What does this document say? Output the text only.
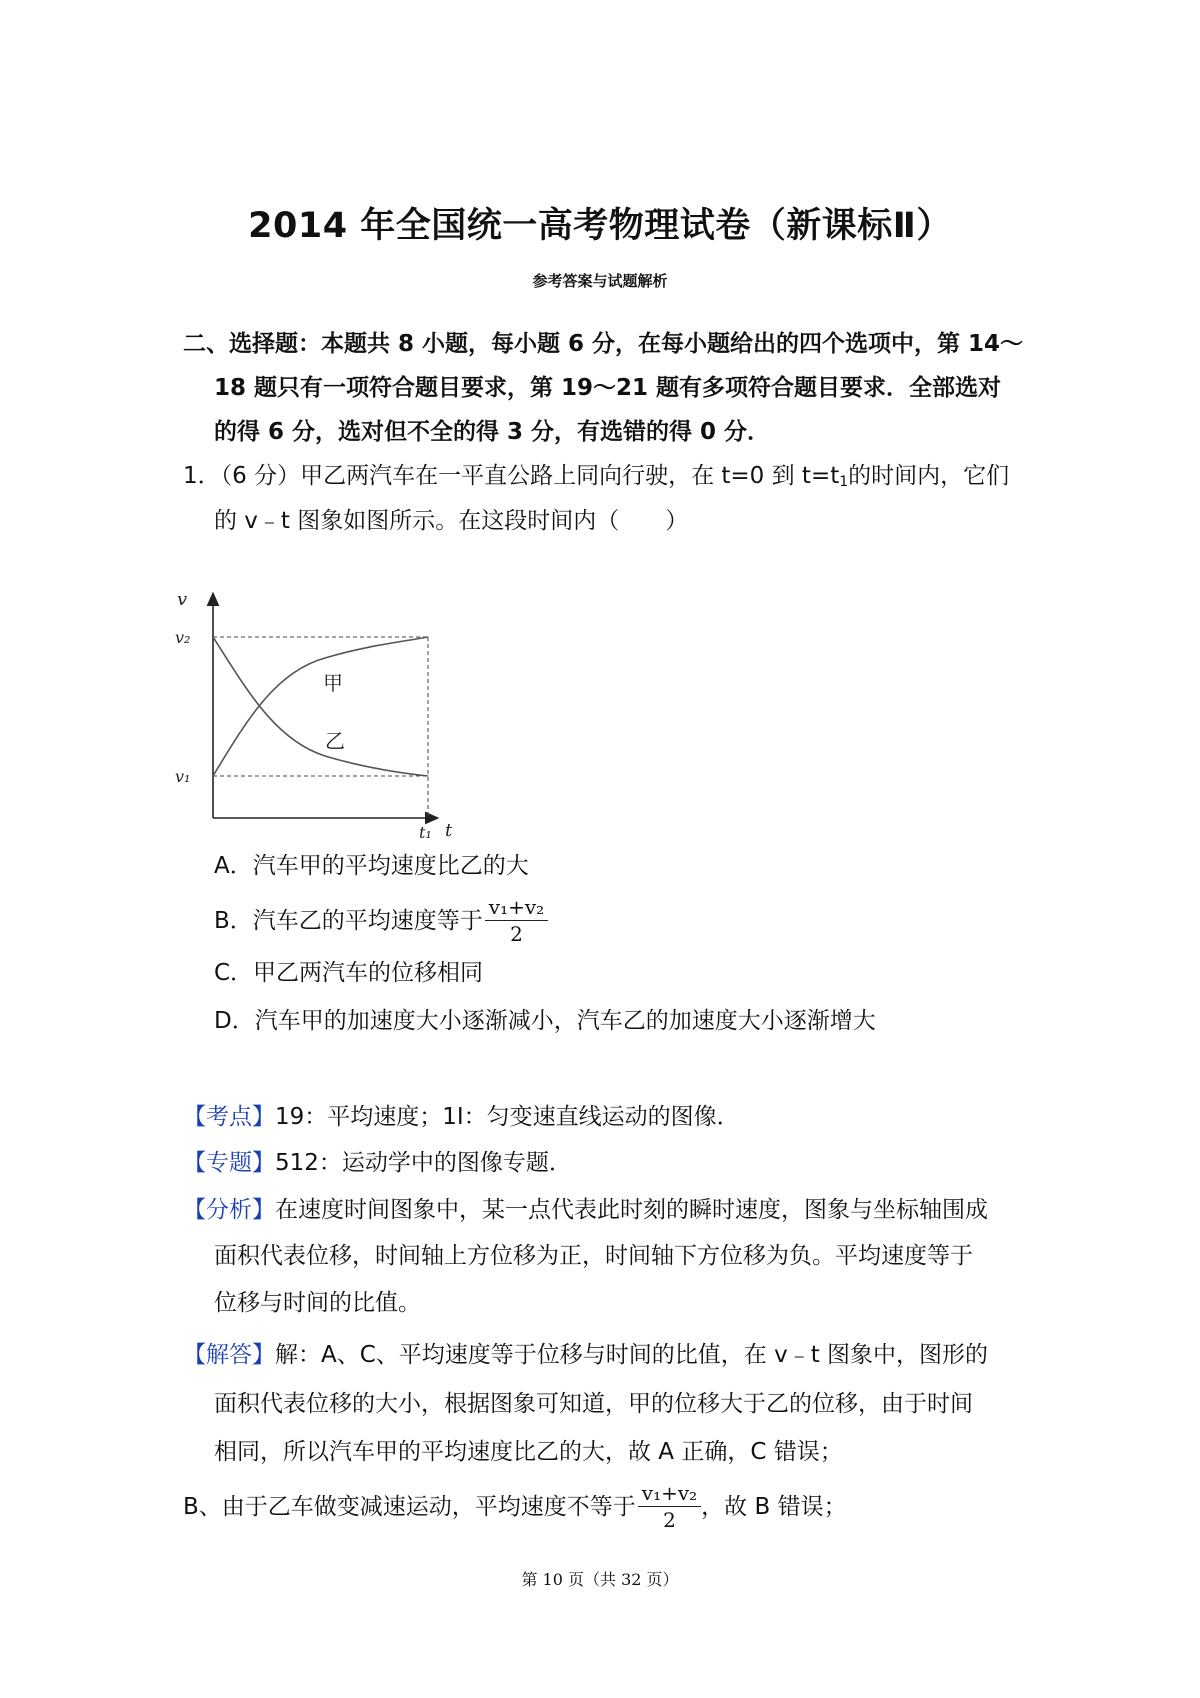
2014 年全国统一高考物理试卷（新课标Ⅱ）
参考答案与试题解析
二、选择题：本题共 8 小题，每小题 6 分，在每小题给出的四个选项中，第 14～
18 题只有一项符合题目要求，第 19～21 题有多项符合题目要求．全部选对
的得 6 分，选对但不全的得 3 分，有选错的得 0 分．
1．（6 分）甲乙两汽车在一平直公路上同向行驶，在 t=0 到 $t=t_1$的时间内，它们
的 v﹣t 图象如图所示。在这段时间内（　　）
v
v₂
v₁
t₁ t
甲
乙
A．汽车甲的平均速度比乙的大
B．汽车乙的平均速度等于 $\frac{\text{v₁+v₂}}{2}$
C．甲乙两汽车的位移相同
D．汽车甲的加速度大小逐渐减小，汽车乙的加速度大小逐渐增大
【考点】19：平均速度；1I：匀变速直线运动的图像．
【专题】512：运动学中的图像专题．
【分析】在速度时间图象中，某一点代表此时刻的瞬时速度，图象与坐标轴围成
面积代表位移，时间轴上方位移为正，时间轴下方位移为负。平均速度等于
位移与时间的比值。
【解答】解：A、C、平均速度等于位移与时间的比值，在 v﹣t 图象中，图形的
面积代表位移的大小，根据图象可知道，甲的位移大于乙的位移，由于时间
相同，所以汽车甲的平均速度比乙的大，故 A 正确，C 错误；
B、由于乙车做变减速运动，平均速度不等于 $\frac{\text{v₁+v₂}}{2}$ ，故 B 错误；
第 10 页（共 32 页）
